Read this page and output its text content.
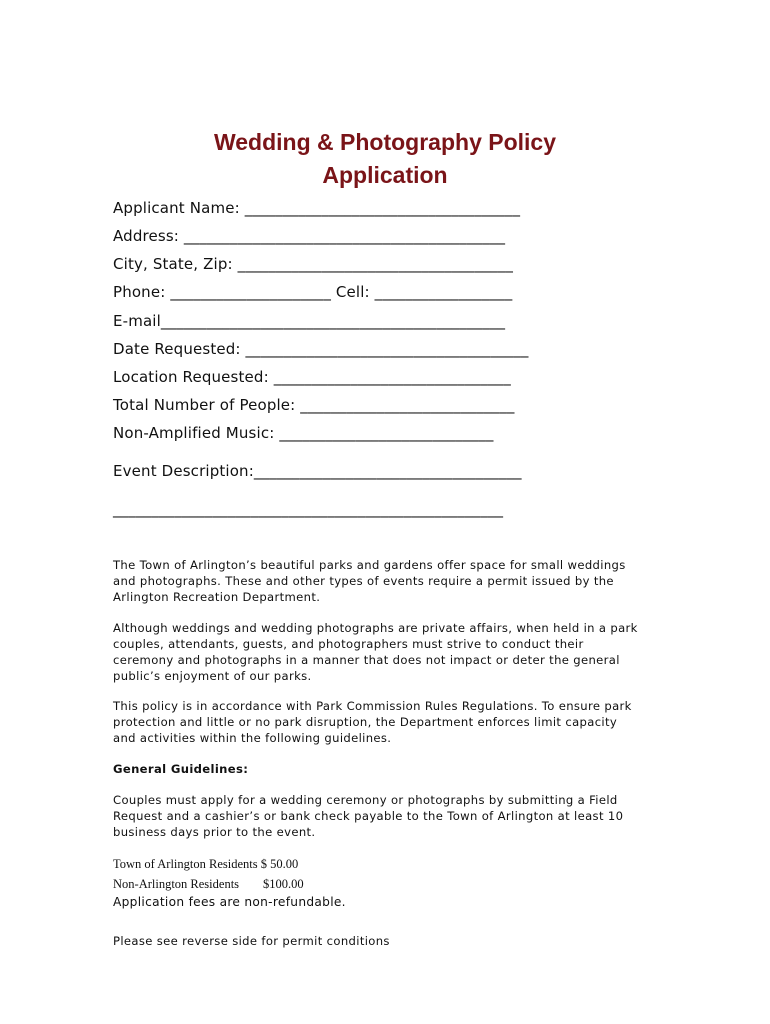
Wedding & Photography Policy
Application
Applicant Name: ____________________________________
Address: __________________________________________
City, State, Zip: ____________________________________
Phone: _____________________ Cell: __________________
E-mail_____________________________________________
Date Requested: _____________________________________
Location Requested: _______________________________
Total Number of People: ____________________________
Non-Amplified Music: ____________________________
Event Description:___________________________________
___________________________________________________
The Town of Arlington’s beautiful parks and gardens offer space for small weddings
and photographs. These and other types of events require a permit issued by the
Arlington Recreation Department.
Although weddings and wedding photographs are private affairs, when held in a park
couples, attendants, guests, and photographers must strive to conduct their
ceremony and photographs in a manner that does not impact or deter the general
public’s enjoyment of our parks.
This policy is in accordance with Park Commission Rules Regulations. To ensure park
protection and little or no park disruption, the Department enforces limit capacity
and activities within the following guidelines.
General Guidelines:
Couples must apply for a wedding ceremony or photographs by submitting a Field
Request and a cashier’s or bank check payable to the Town of Arlington at least 10
business days prior to the event.
Town of Arlington Residents $ 50.00
Non-Arlington Residents $100.00
Application fees are non-refundable.
Please see reverse side for permit conditions
